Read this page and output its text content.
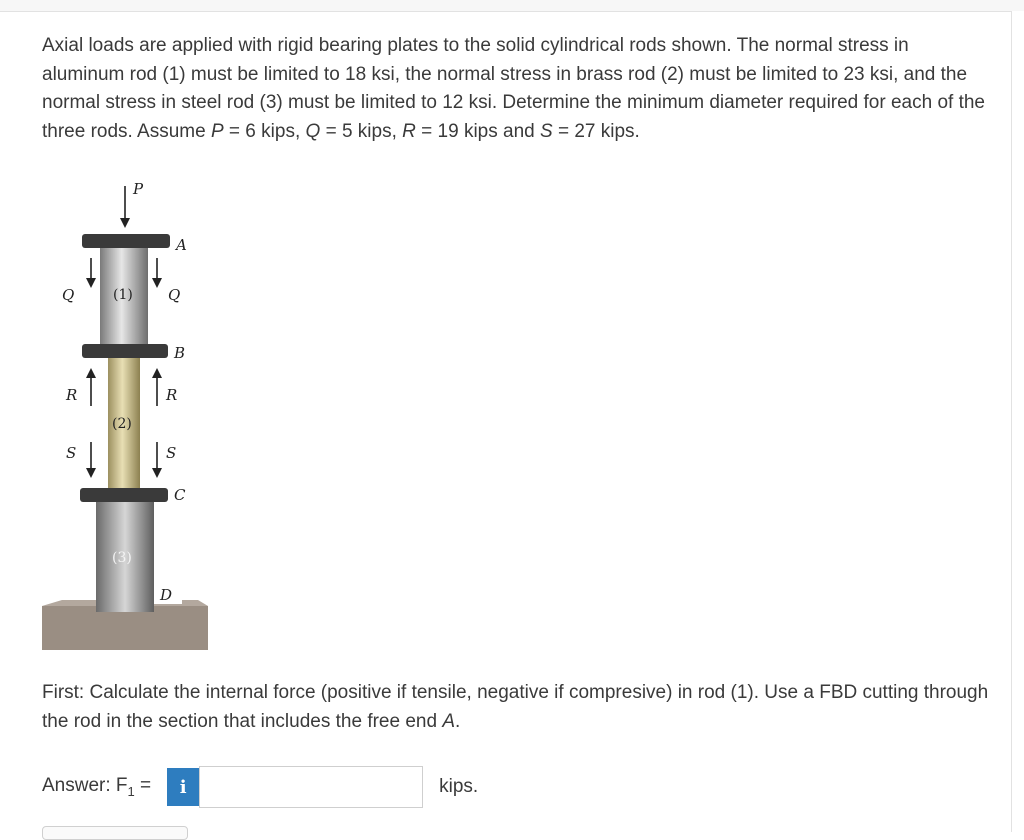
Axial loads are applied with rigid bearing plates to the solid cylindrical rods shown. The normal stress in aluminum rod (1) must be limited to 18 ksi, the normal stress in brass rod (2) must be limited to 23 ksi, and the normal stress in steel rod (3) must be limited to 12 ksi. Determine the minimum diameter required for each of the three rods. Assume P = 6 kips, Q = 5 kips, R = 19 kips and S = 27 kips.
P
A
Q	Q
(1)
B
R	R
(2)
S	S
C
(3)
D
First: Calculate the internal force (positive if tensile, negative if compresive) in rod (1). Use a FBD cutting through the rod in the section that includes the free end A.
Answer: $F_1$ =	i	kips.
